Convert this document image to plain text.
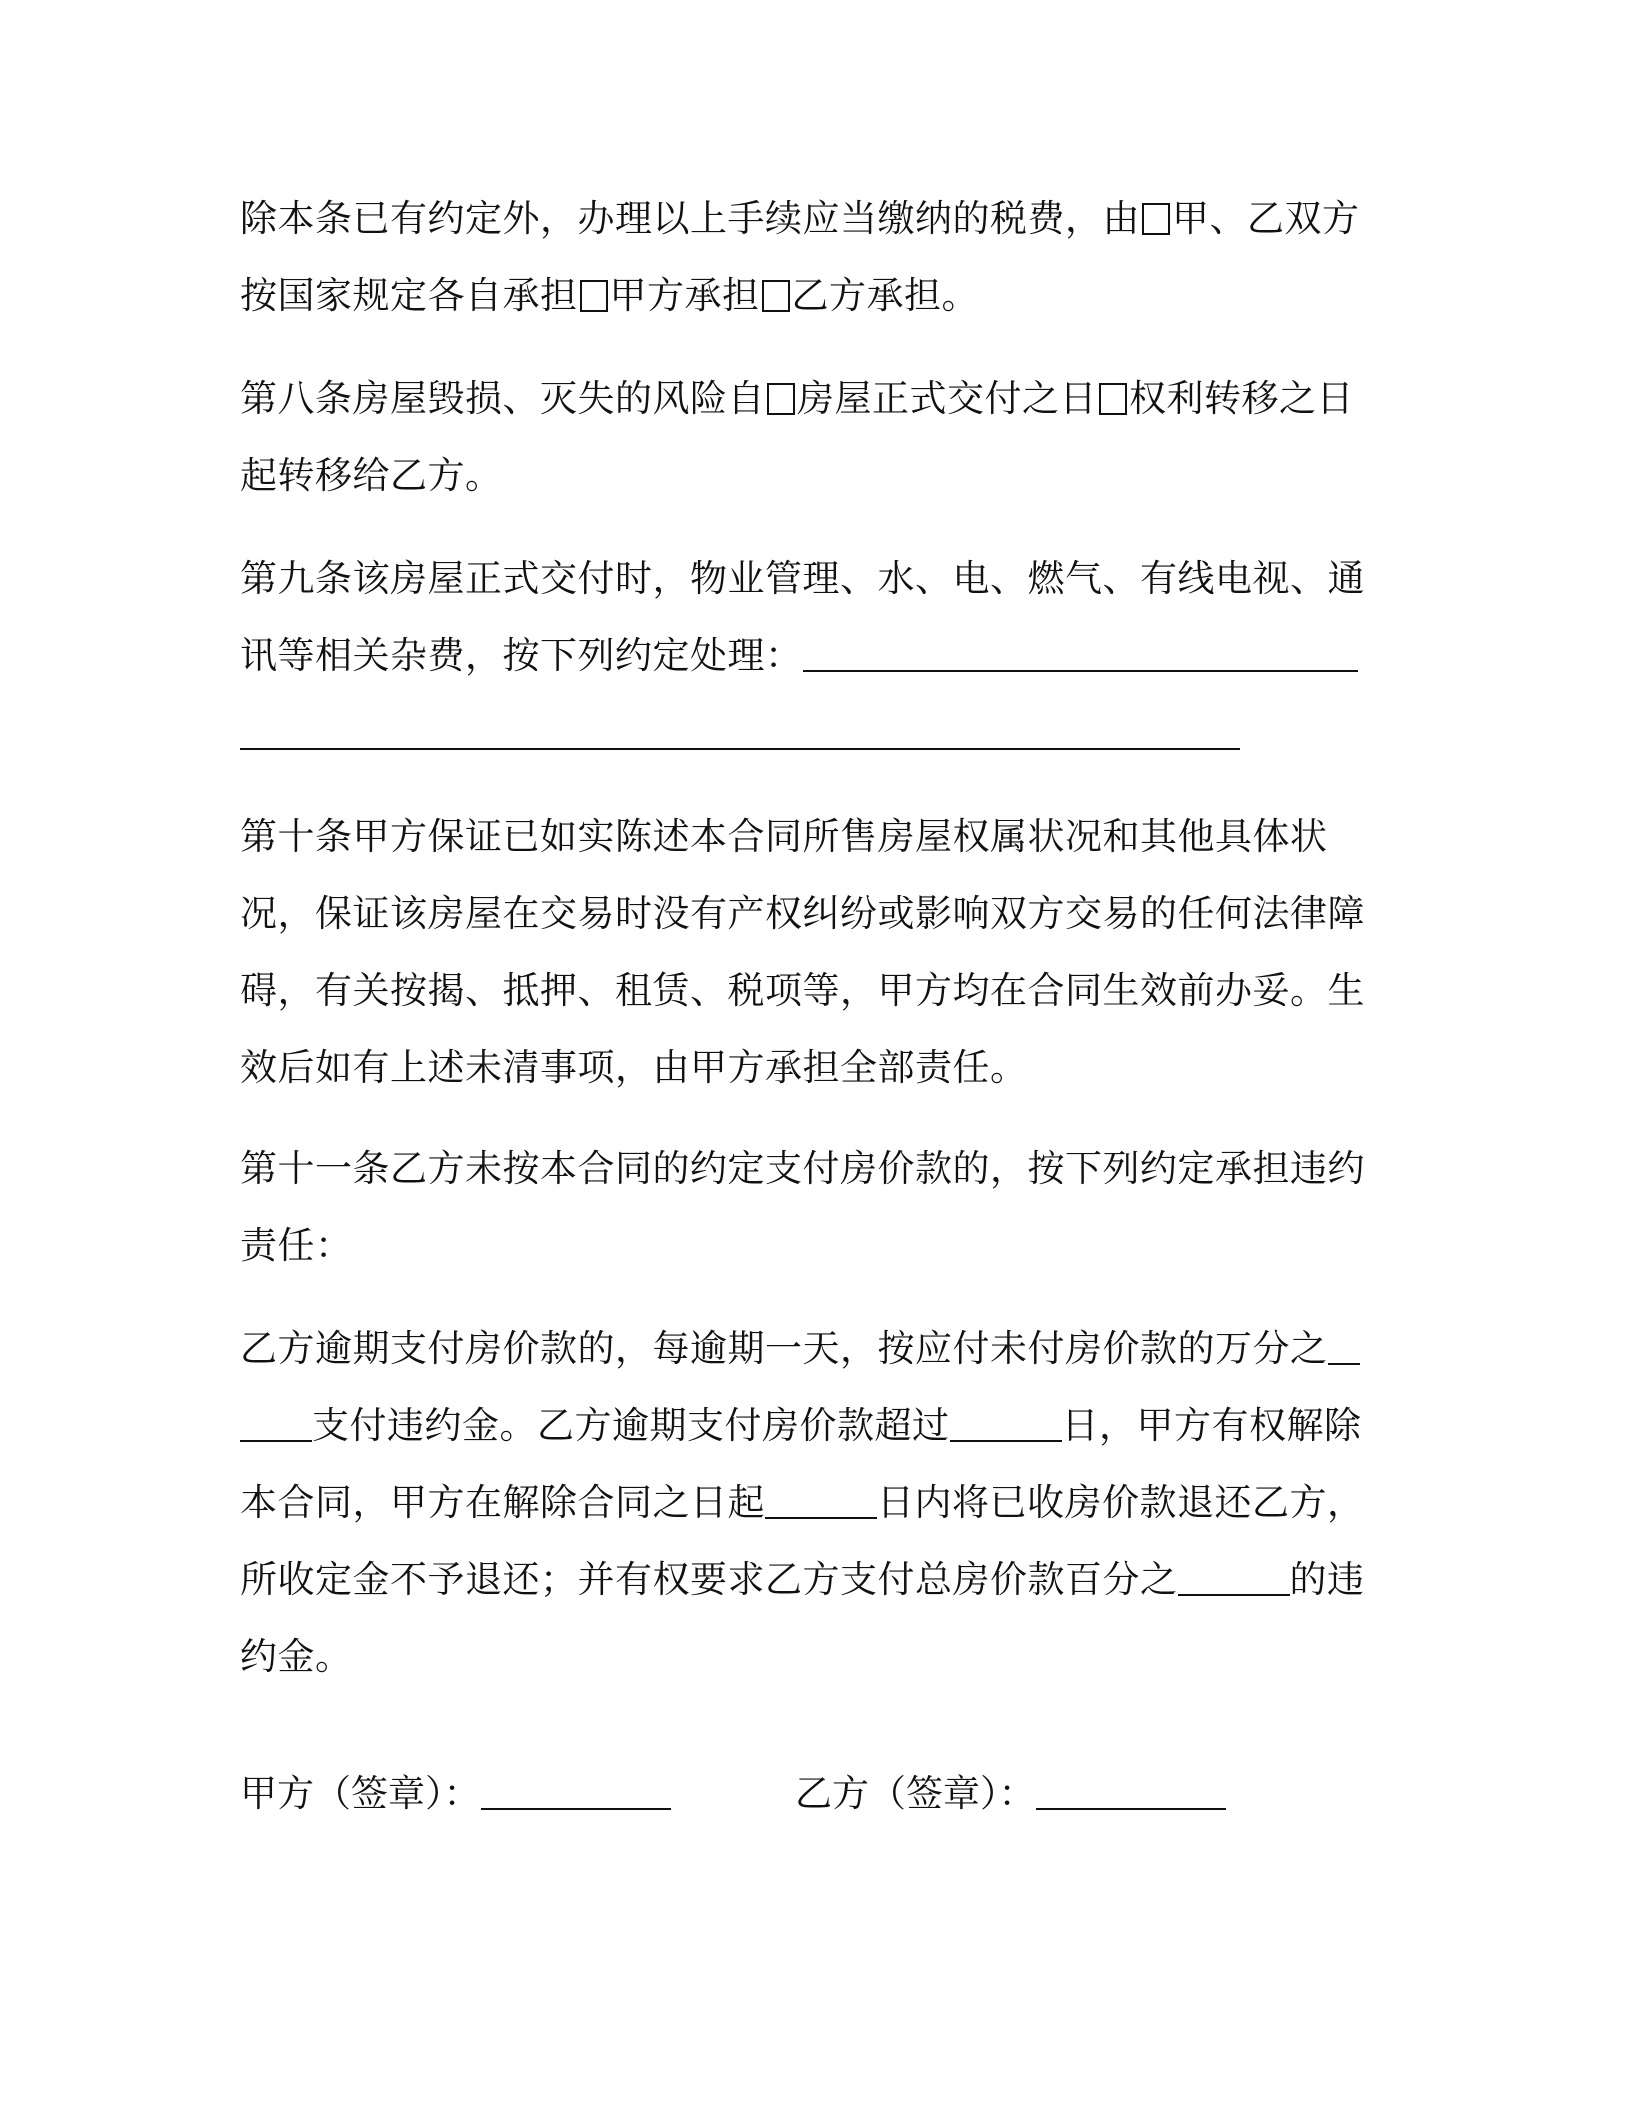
除本条已有约定外，办理以上手续应当缴纳的税费，由 甲、乙双方
按国家规定各自承担 甲方承担 乙方承担。
第八条房屋毁损、灭失的风险自 房屋正式交付之日 权利转移之日
起转移给乙方。
第九条该房屋正式交付时，物业管理、水、电、燃气、有线电视、通
讯等相关杂费，按下列约定处理：
第十条甲方保证已如实陈述本合同所售房屋权属状况和其他具体状
况，保证该房屋在交易时没有产权纠纷或影响双方交易的任何法律障
碍，有关按揭、抵押、租赁、税项等，甲方均在合同生效前办妥。生
效后如有上述未清事项，由甲方承担全部责任。
第十一条乙方未按本合同的约定支付房价款的，按下列约定承担违约
责任：
乙方逾期支付房价款的，每逾期一天，按应付未付房价款的万分之
支付违约金。乙方逾期支付房价款超过	日，甲方有权解除
本合同，甲方在解除合同之日起	日内将已收房价款退还乙方，
所收定金不予退还；并有权要求乙方支付总房价款百分之	的违
约金。
甲方（签章）：	乙方（签章）：
